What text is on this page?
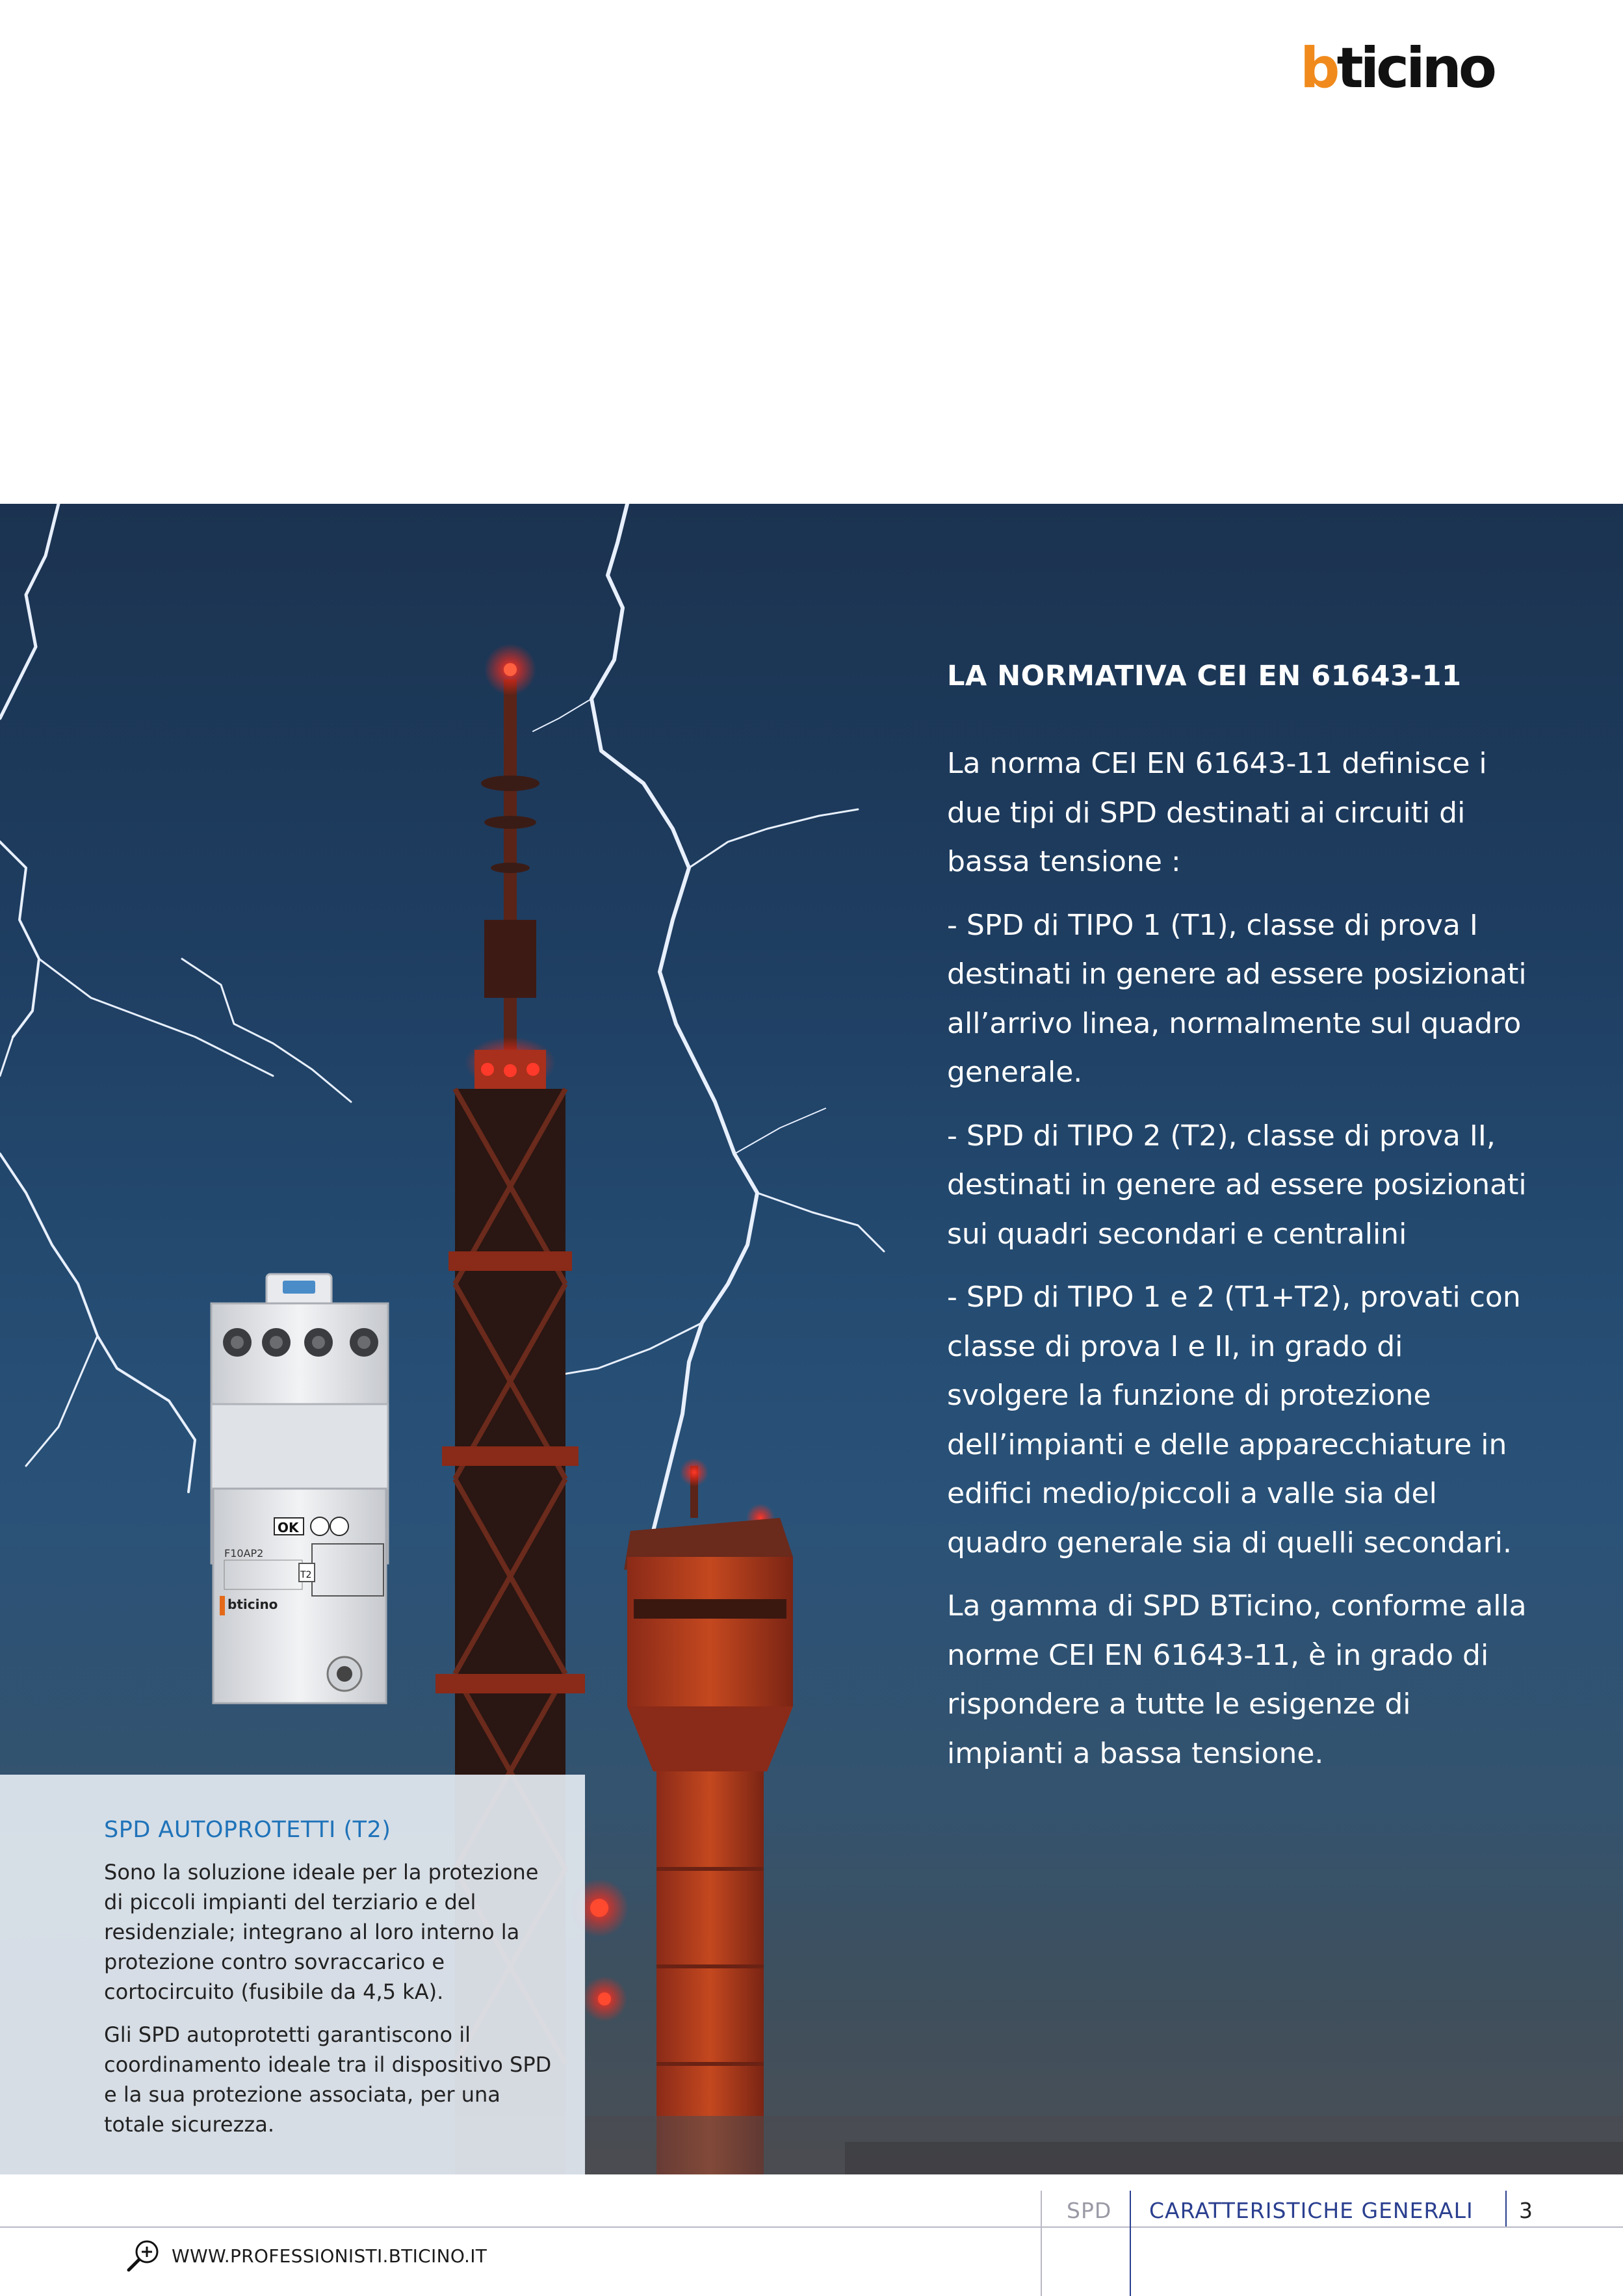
bticino
OK
F10AP2
T2
bticino
LA NORMATIVA CEI EN 61643-11

La norma CEI EN 61643-11 definisce i due tipi di SPD destinati ai circuiti di bassa tensione :

- SPD di TIPO 1 (T1), classe di prova I destinati in genere ad essere posizionati all’arrivo linea, normalmente sul quadro generale.

- SPD di TIPO 2 (T2), classe di prova II, destinati in genere ad essere posizionati sui quadri secondari e centralini

- SPD di TIPO 1 e 2 (T1+T2), provati con classe di prova I e II, in grado di svolgere la funzione di protezione dell’impianti e delle apparecchiature in edifici medio/piccoli a valle sia del quadro generale sia di quelli secondari.

La gamma di SPD BTicino, conforme alla norme CEI EN 61643-11, è in grado di rispondere a tutte le esigenze di impianti a bassa tensione.

SPD AUTOPROTETTI (T2)

Sono la soluzione ideale per la protezione di piccoli impianti del terziario e del residenziale; integrano al loro interno la protezione contro sovraccarico e cortocircuito (fusibile da 4,5 kA).

Gli SPD autoprotetti garantiscono il coordinamento ideale tra il dispositivo SPD e la sua protezione associata, per una totale sicurezza.

SPD CARATTERISTICHE GENERALI 3
WWW.PROFESSIONISTI.BTICINO.IT
